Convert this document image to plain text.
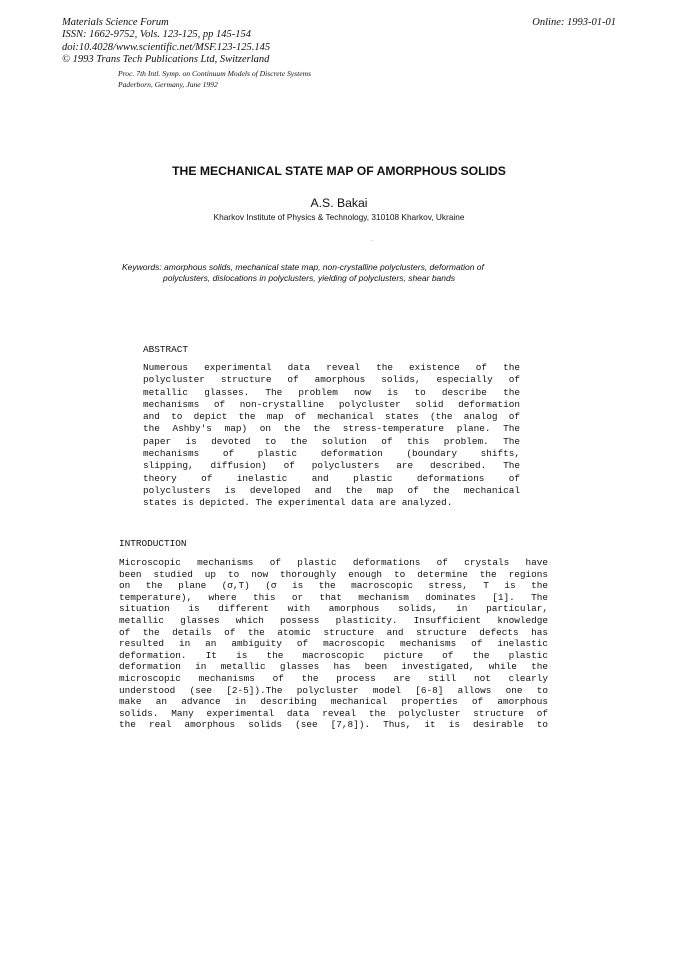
Materials Science Forum
ISSN: 1662-9752, Vols. 123-125, pp 145-154
doi:10.4028/www.scientific.net/MSF.123-125.145
© 1993 Trans Tech Publications Ltd, Switzerland
Online: 1993-01-01
Proc. 7th Intl. Symp. on Continuum Models of Discrete Systems
Paderborn, Germany, June 1992
THE MECHANICAL STATE MAP OF AMORPHOUS SOLIDS
A.S. Bakai
Kharkov Institute of Physics & Technology, 310108 Kharkov, Ukraine
Keywords: amorphous solids, mechanical state map, non-crystalline polyclusters, deformation of
polyclusters, dislocations in polyclusters, yielding of polyclusters, shear bands
ABSTRACT
Numerous experimental data reveal the existence of the
polycluster structure of amorphous solids, especially of
metallic glasses. The problem now is to describe the
mechanisms of non-crystalline polycluster solid deformation
and to depict the map of mechanical states (the analog of
the Ashby's map) on the the stress-temperature plane. The
paper is devoted to the solution of this problem. The
mechanisms of plastic deformation (boundary shifts,
slipping, diffusion) of polyclusters are described. The
theory of inelastic and plastic deformations of
polyclusters is developed and the map of the mechanical
states is depicted. The experimental data are analyzed.
INTRODUCTION
Microscopic mechanisms of plastic deformations of crystals have
been studied up to now thoroughly enough to determine the regions
on the plane (σ,T) (σ is the macroscopic stress, T is the
temperature), where this or that mechanism dominates [1]. The
situation is different with amorphous solids, in particular,
metallic glasses which possess plasticity. Insufficient knowledge
of the details of the atomic structure and structure defects has
resulted in an ambiguity of macroscopic mechanisms of inelastic
deformation. It is the macroscopic picture of the plastic
deformation in metallic glasses has been investigated, while the
microscopic mechanisms of the process are still not clearly
understood (see [2-5]).The polycluster model [6-8] allows one to
make an advance in describing mechanical properties of amorphous
solids. Many experimental data reveal the polycluster structure of
the real amorphous solids (see [7,8]). Thus, it is desirable to
